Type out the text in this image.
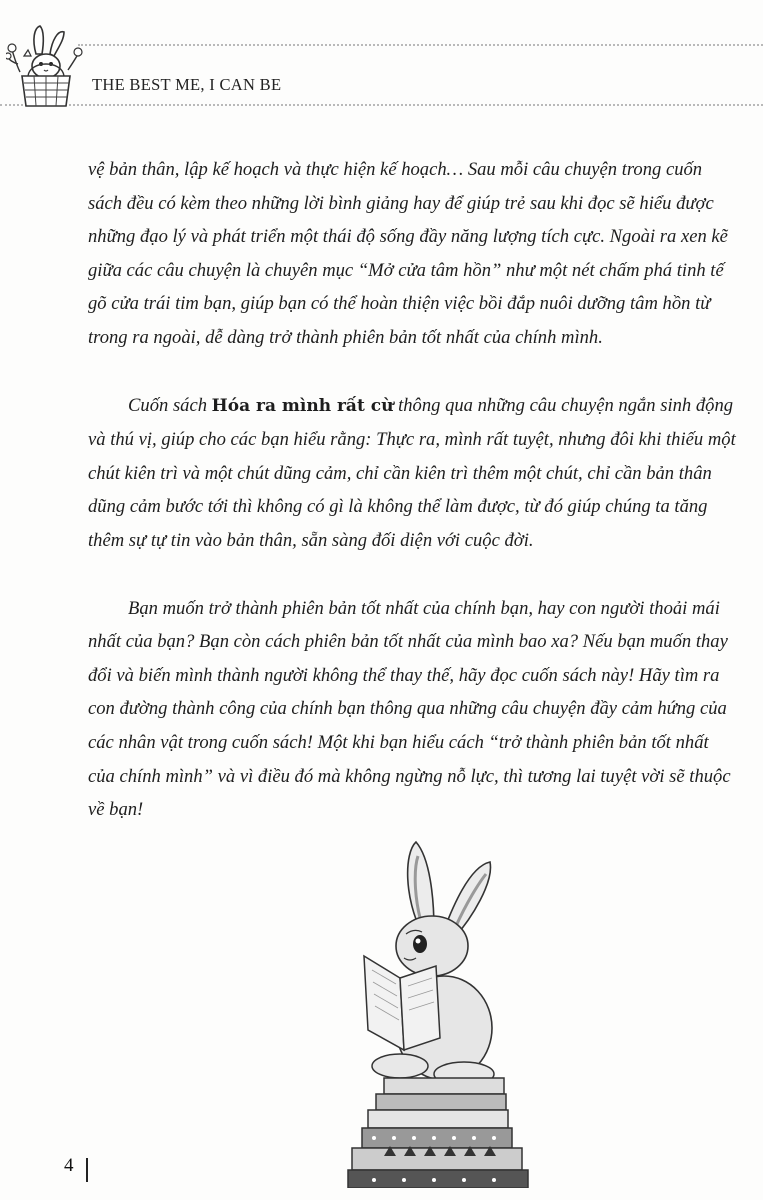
THE BEST ME, I CAN BE

vệ bản thân, lập kế hoạch và thực hiện kế hoạch… Sau mỗi câu chuyện trong cuốn sách đều có kèm theo những lời bình giảng hay để giúp trẻ sau khi đọc sẽ hiểu được những đạo lý và phát triển một thái độ sống đầy năng lượng tích cực. Ngoài ra xen kẽ giữa các câu chuyện là chuyên mục “Mở cửa tâm hồn” như một nét chấm phá tinh tế gõ cửa trái tim bạn, giúp bạn có thể hoàn thiện việc bồi đắp nuôi dưỡng tâm hồn từ trong ra ngoài, dễ dàng trở thành phiên bản tốt nhất của chính mình.

Cuốn sách Hóa ra mình rất cừ thông qua những câu chuyện ngắn sinh động và thú vị, giúp cho các bạn hiểu rằng: Thực ra, mình rất tuyệt, nhưng đôi khi thiếu một chút kiên trì và một chút dũng cảm, chỉ cần kiên trì thêm một chút, chỉ cần bản thân dũng cảm bước tới thì không có gì là không thể làm được, từ đó giúp chúng ta tăng thêm sự tự tin vào bản thân, sẵn sàng đối diện với cuộc đời.

Bạn muốn trở thành phiên bản tốt nhất của chính bạn, hay con người thoải mái nhất của bạn? Bạn còn cách phiên bản tốt nhất của mình bao xa? Nếu bạn muốn thay đổi và biến mình thành người không thể thay thế, hãy đọc cuốn sách này! Hãy tìm ra con đường thành công của chính bạn thông qua những câu chuyện đầy cảm hứng của các nhân vật trong cuốn sách! Một khi bạn hiểu cách “trở thành phiên bản tốt nhất của chính mình” và vì điều đó mà không ngừng nỗ lực, thì tương lai tuyệt vời sẽ thuộc về bạn!

4
